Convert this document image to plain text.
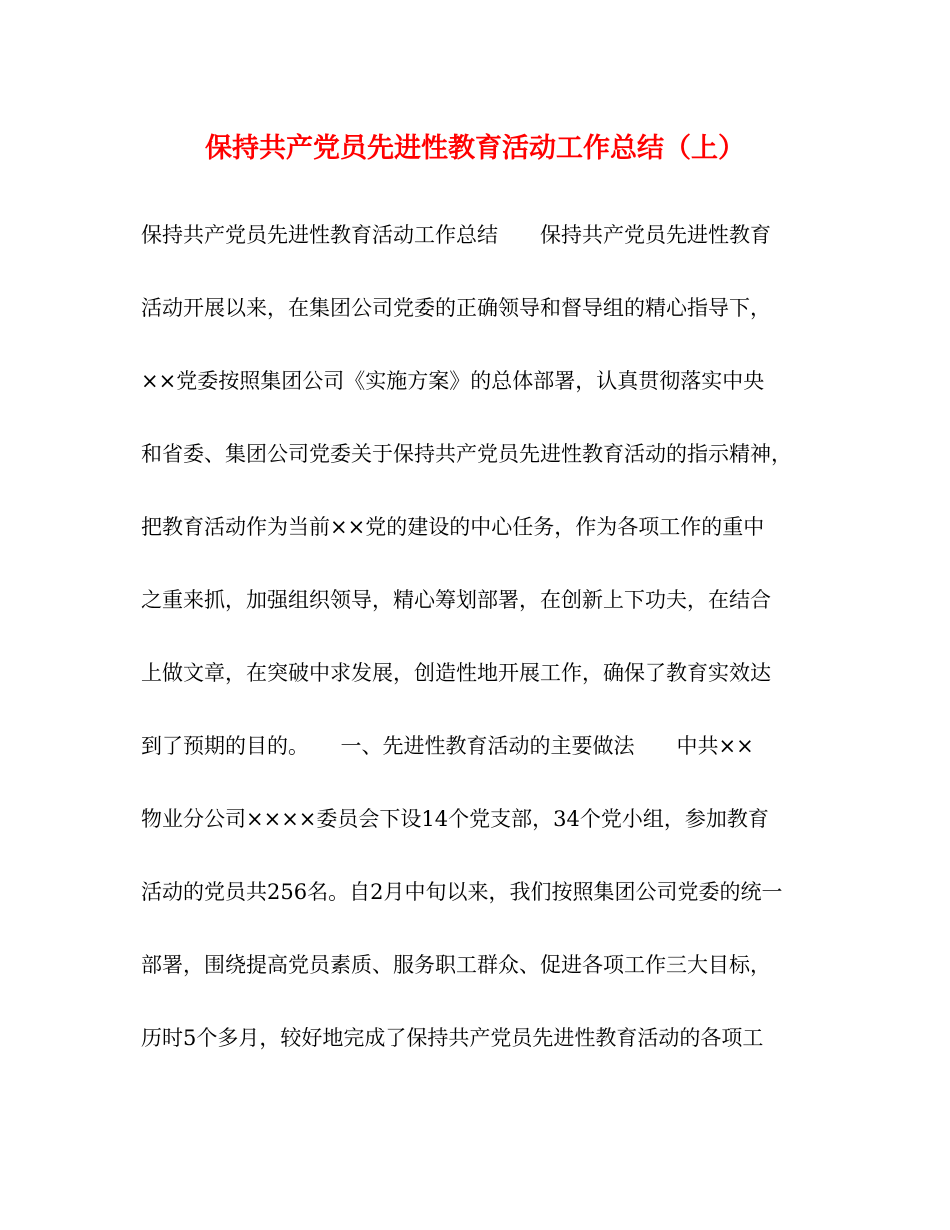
保持共产党员先进性教育活动工作总结（上）
保持共产党员先进性教育活动工作总结　　保持共产党员先进性教育
活动开展以来，在集团公司党委的正确领导和督导组的精心指导下，
××党委按照集团公司《实施方案》的总体部署，认真贯彻落实中央
和省委、集团公司党委关于保持共产党员先进性教育活动的指示精神，
把教育活动作为当前××党的建设的中心任务，作为各项工作的重中
之重来抓，加强组织领导，精心筹划部署，在创新上下功夫，在结合
上做文章，在突破中求发展，创造性地开展工作，确保了教育实效达
到了预期的目的。　　一、先进性教育活动的主要做法　　中共××
物业分公司××××委员会下设14个党支部，34个党小组，参加教育
活动的党员共256名。自2月中旬以来，我们按照集团公司党委的统一
部署，围绕提高党员素质、服务职工群众、促进各项工作三大目标，
历时5个多月，较好地完成了保持共产党员先进性教育活动的各项工
